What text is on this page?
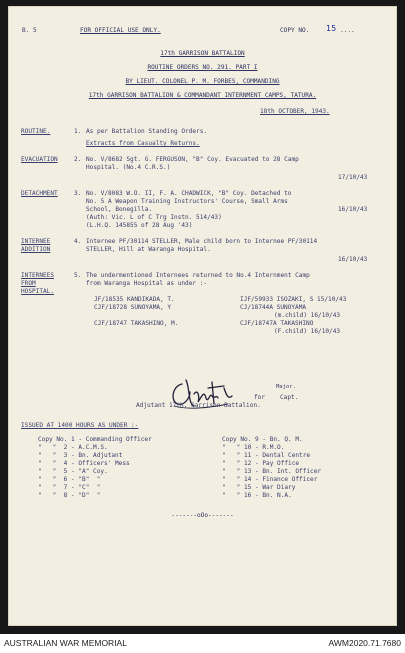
B. 5	FOR OFFICIAL USE ONLY.	COPY NO. 15 ....
17th GARRISON BATTALION
ROUTINE ORDERS NO. 291. PART I
BY LIEUT. COLONEL P. M. FORBES, COMMANDING
17th GARRISON BATTALION & COMMANDANT INTERNMENT CAMPS, TATURA.
18th OCTOBER, 1943.
ROUTINE.	1. As per Battalion Standing Orders.
Extracts from Casualty Returns.
EVACUATION	2. No. V/8682 Sgt. G. FERGUSON, "B" Coy. Evacuated to 28 Camp
Hospital. (No.4 C.R.S.)
17/10/43
DETACHMENT	3. No. V/8083 W.O. II, F. A. CHADWICK, "B" Coy. Detached to
No. 5 A Weapon Training Instructors' Course, Small Arms
School, Bonegilla.	16/10/43
(Auth: Vic. L of C Trg Instn. 514/43)
(L.H.Q. 145855 of 28 Aug '43)
INTERNEE
ADDITION
4. Internee PF/30114 STELLER, Male child born to Internee PF/30114
STELLER, Hill at Waranga Hospital.
16/10/43
INTERNEES
FROM
HOSPITAL.
5. The undermentioned Internees returned to No.4 Internment Camp
from Waranga Hospital as under :-
JF/18535 KANDIKADA, T.	IJF/59933 ISOZAKI, S 15/10/43
CJF/18728 SUNOYAMA, Y	CJ/18744A SUNOYAMA
(m.child) 16/10/43
CJF/18747 TAKASHINO, M.	CJF/18747A TAKASHINO
(F.child) 16/10/43
Major.
for Capt.
Adjutant 17th. Garrison Battalion.
ISSUED AT 1400 HOURS AS UNDER :-
Copy No. 1 - Commanding Officer
"   "  2 - A.C.M.S.
"   "  3 - Bn. Adjutant
"   "  4 - Officers' Mess
"   "  5 - "A" Coy.
"   "  6 - "B"  "
"   "  7 - "C"  "
"   "  8 - "D"  "
Copy No. 9 - Bn. Q. M.
"   " 10 - R.M.O.
"   " 11 - Dental Centre
"   " 12 - Pay Office
"   " 13 - Bn. Int. Officer
"   " 14 - Finance Officer
"   " 15 - War Diary
"   " 16 - Bn. N.A.
-------oOo-------
AUSTRALIAN WAR MEMORIAL	AWM2020.71.7680
